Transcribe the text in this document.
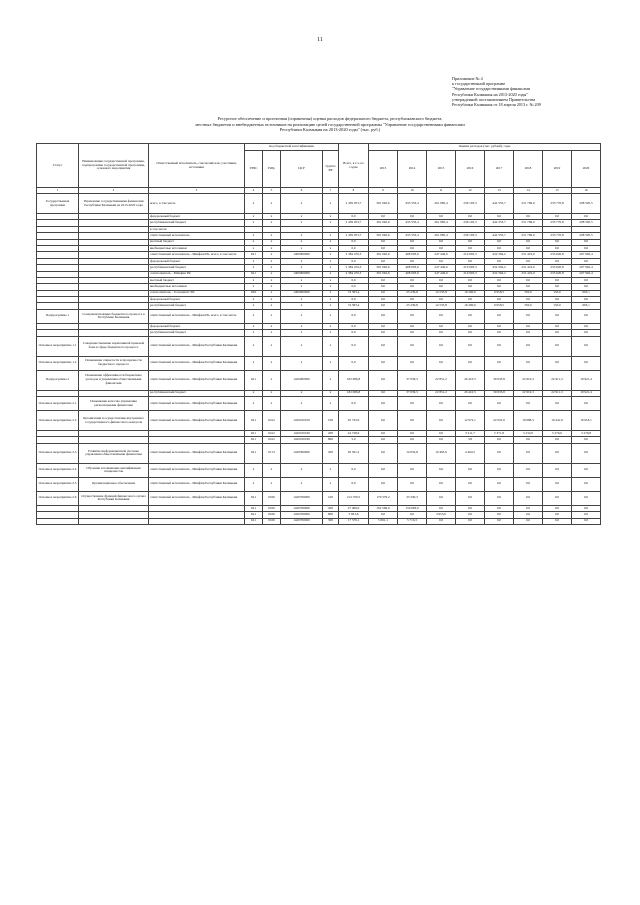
11
Приложение № 4
к государственной программе
"Управление государственными финансами
Республики Калмыкия на 2013-2020 годы"
утвержденной постановлением Правительства
Республики Калмыкия от 18 апреля 2013 г. № 209
Ресурсное обеспечение и прогнозная (справочная) оценка расходов федерального бюджета, республиканского бюджета,
местных бюджетов и внебюджетных источников на реализацию целей государственной программы "Управление государственными финансами
Республики Калмыкия на 2013-2020 годы" (тыс. руб.)
Статус	Наименование государственной программы, подпрограммы государственной программы, основного мероприятия	Ответственный исполнитель, соисполнители, участники, источники	Код бюджетной классификации				Всего, в т.ч. по годам	Оценка расходов (тыс. рублей), годы							
			ГРБС	РзПр	ЦСР	Группа ВР		2013	2014	2015	2016	2017	2018	2019	2020
1	2	3	4	5	6	7	8	9	10	11	12	13	14	15	16
Государственная программа	Управление государственными финансами Республики Калмыкия на 2013-2020 годы	всего, в том числе	x	x	x	x	2 459 053,7	391 062,6	433 333,4	261 985,4	236 193,3	442 353,7	231 769,0	233 770,8	208 595,5
		федеральный бюджет	x	x	x	x	0,0	0,0	0,0	0,0	0,0	0,0	0,0	0,0	0,0
		республиканский бюджет	x	x	x	x	2 459 053,7	391 062,6	433 333,4	261 985,4	236 193,3	442 353,7	231 769,0	233 770,8	208 595,5
		в том числе:													
		ответственный исполнитель	x	x	x	x	2 459 053,7	391 062,6	433 333,4	261 985,4	236 193,3	442 353,7	231 769,0	233 770,8	208 595,5
		местный бюджет	x	x	x	x	0,0	0,0	0,0	0,0	0,0	0,0	0,0	0,0	0,0
		внебюджетные источники	x	x	x	x	0,0	0,0	0,0	0,0	0,0	0,0	0,0	0,0	0,0
		ответственный исполнитель - Минфин РК, всего, в том числе	621	x	1400000000	x	2 384 470,3	391 062,6	408 093,6	247 449,6	219 993,3	432 394,2	231 419,0	233 620,8	207 992,4
		федеральный бюджет	x	x	x	x	0,0	0,0	0,0	0,0	0,0	0,0	0,0	0,0	0,0
		республиканский бюджет	x	x	x	x	2 384 470,3	391 062,6	408 093,6	247 449,6	219 993,3	432 394,2	231 419,0	233 620,8	207 992,4
		соисполнитель - Минфин РК	621	x	1400000000	x	2 384 470,3	391 062,6	408 093,6	247 449,6	219 993,3	432 394,2	231 419,0	233 620,8	207 992,4
		местный бюджет	x	x	x	x	0,0	0,0	0,0	0,0	0,0	0,0	0,0	0,0	0,0
		внебюджетные источники	x	x	x	x	0,0	0,0	0,0	0,0	0,0	0,0	0,0	0,0	0,0
		соисполнитель - Госкомитет РК	626	x	1400000000	x	74 583,4	0,0	25 239,8	14 535,8	16 200,0	9 959,5	350,0	150,0	603,1
		федеральный бюджет	x	x	x	x	0,0	0,0	0,0	0,0	0,0	0,0	0,0	0,0	0,0
		республиканский бюджет	x	x	x	x	74 583,4	0,0	25 239,8	14 535,8	16 200,0	9 959,5	350,0	150,0	603,1
Подпрограмма 1	Совершенствование бюджетного процесса в Республике Калмыкия	ответственный исполнитель - Минфин РК, всего, в том числе	x	x	x	x	0,0	0,0	0,0	0,0	0,0	0,0	0,0	0,0	0,0
		федеральный бюджет	x	x	x	x	0,0	0,0	0,0	0,0	0,0	0,0	0,0	0,0	0,0
		республиканский бюджет	x	x	x	x	0,0	0,0	0,0	0,0	0,0	0,0	0,0	0,0	0,0
Основное мероприятие 1.1	Совершенствование нормативной правовой базы в сфере бюджетного процесса	ответственный исполнитель - Минфин Республики Калмыкия	x	x	x	x	0,0	0,0	0,0	0,0	0,0	0,0	0,0	0,0	0,0
Основное мероприятие 1.2	Повышение открытости и прозрачности бюджетного процесса	ответственный исполнитель - Минфин Республики Калмыкия	x	x	x	x	0,0	0,0	0,0	0,0	0,0	0,0	0,0	0,0	0,0
Подпрограмма 2	Повышение эффективности бюджетных расходов и управления общественными финансами	ответственный исполнитель - Минфин Республики Калмыкия	621	x	1420000000	x	182 686,8	0,0	37 039,3	22 851,2	26 410,5	30 633,8	22 919,3	22 911,3	19 921,4
		республиканский бюджет	x	x	x	x	182 686,8	0,0	37 039,3	22 851,2	26 410,5	30 633,8	22 919,3	22 911,3	19 921,4
Основное мероприятие 2.1	Повышение качества управления региональными финансами	ответственный исполнитель - Минфин Республики Калмыкия	x	x	x	x	0,0	0,0	0,0	0,0	0,0	0,0	0,0	0,0	0,0
Основное мероприятие 2.2	Организация и осуществление внутреннего государственного финансового контроля	ответственный исполнитель - Минфин Республики Калмыкия	621	0412	1420100100	100	95 743,0	0,0	0,0	0,0	12 972,1	22 022,9	19 688,3	19 441,9	19 618,1
			621	0412	1420100190	200	24 728,0	0,0	0,0	0,0	3 211,7	5 371,8	5 232,0	5 276,0	5 276,8
			621	0412	1420100190	800	5,0	0,0	0,0	0,0	3,8	0,0	0,0	0,0	0,0
Основное мероприятие 2.3	Развитие информационной системы управления общественными финансами	ответственный исполнитель - Минфин Республики Калмыкия	621	0113	1420300000	200	29 561,2	0,0	14 632,8	10 463,9	4 464,5	0,0	0,0	0,0	0,0
Основное мероприятие 2.4	Обучение и повышение квалификации специалистов	ответственный исполнитель - Минфин Республики Калмыкия	x	x	x	x	0,0	0,0	0,0	0,0	0,0	0,0	0,0	0,0	0,0
Основное мероприятие 2.5	Организационное обеспечение	ответственный исполнитель - Минфин Республики Калмыкия	x	x	x	x	0,0	0,0	0,0	0,0	0,0	0,0	0,0	0,0	0,0
Основное мероприятие 2.6	Осуществление функций финансового органа Республики Калмыкия	ответственный исполнитель - Минфин Республики Калмыкия	621	0106	1420700000	100	212 709,5	179 379,2	33 330,3	0,0	0,0	0,0	0,0	0,0	0,0
			621	0106	1420700000	200	27 469,0	162 566,0	150 683,0	0,0	0,0	0,0	0,0	0,0	0,0
			621	0106	1420700000	800	5 661,6	0,0	0,0	3 655,6	0,0	0,0	0,0	0,0	0,0
			621	0106	1420700000	300	17 379,1	5 661,1	5 716,3	0,0	0,0	0,0	0,0	0,0	0,0
